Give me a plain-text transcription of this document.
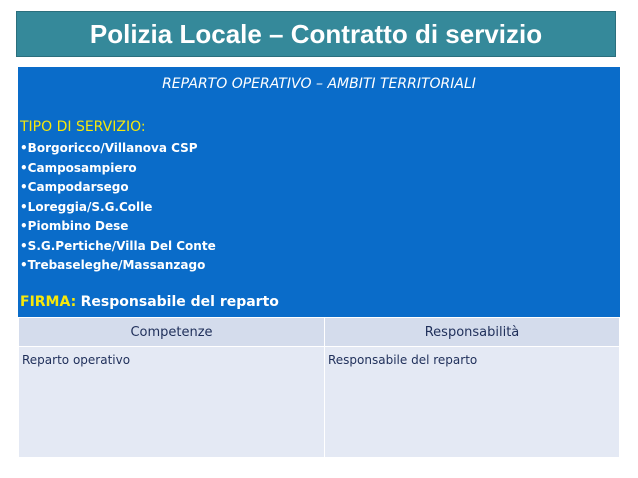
Polizia Locale – Contratto di servizio
REPARTO OPERATIVO – AMBITI TERRITORIALI
TIPO DI SERVIZIO:
•Borgoricco/Villanova CSP
•Camposampiero
•Campodarsego
•Loreggia/S.G.Colle
•Piombino Dese
•S.G.Pertiche/Villa Del Conte
•Trebaseleghe/Massanzago
FIRMA: Responsabile del reparto
Competenze	Responsabilità
Reparto operativo	Responsabile del reparto
